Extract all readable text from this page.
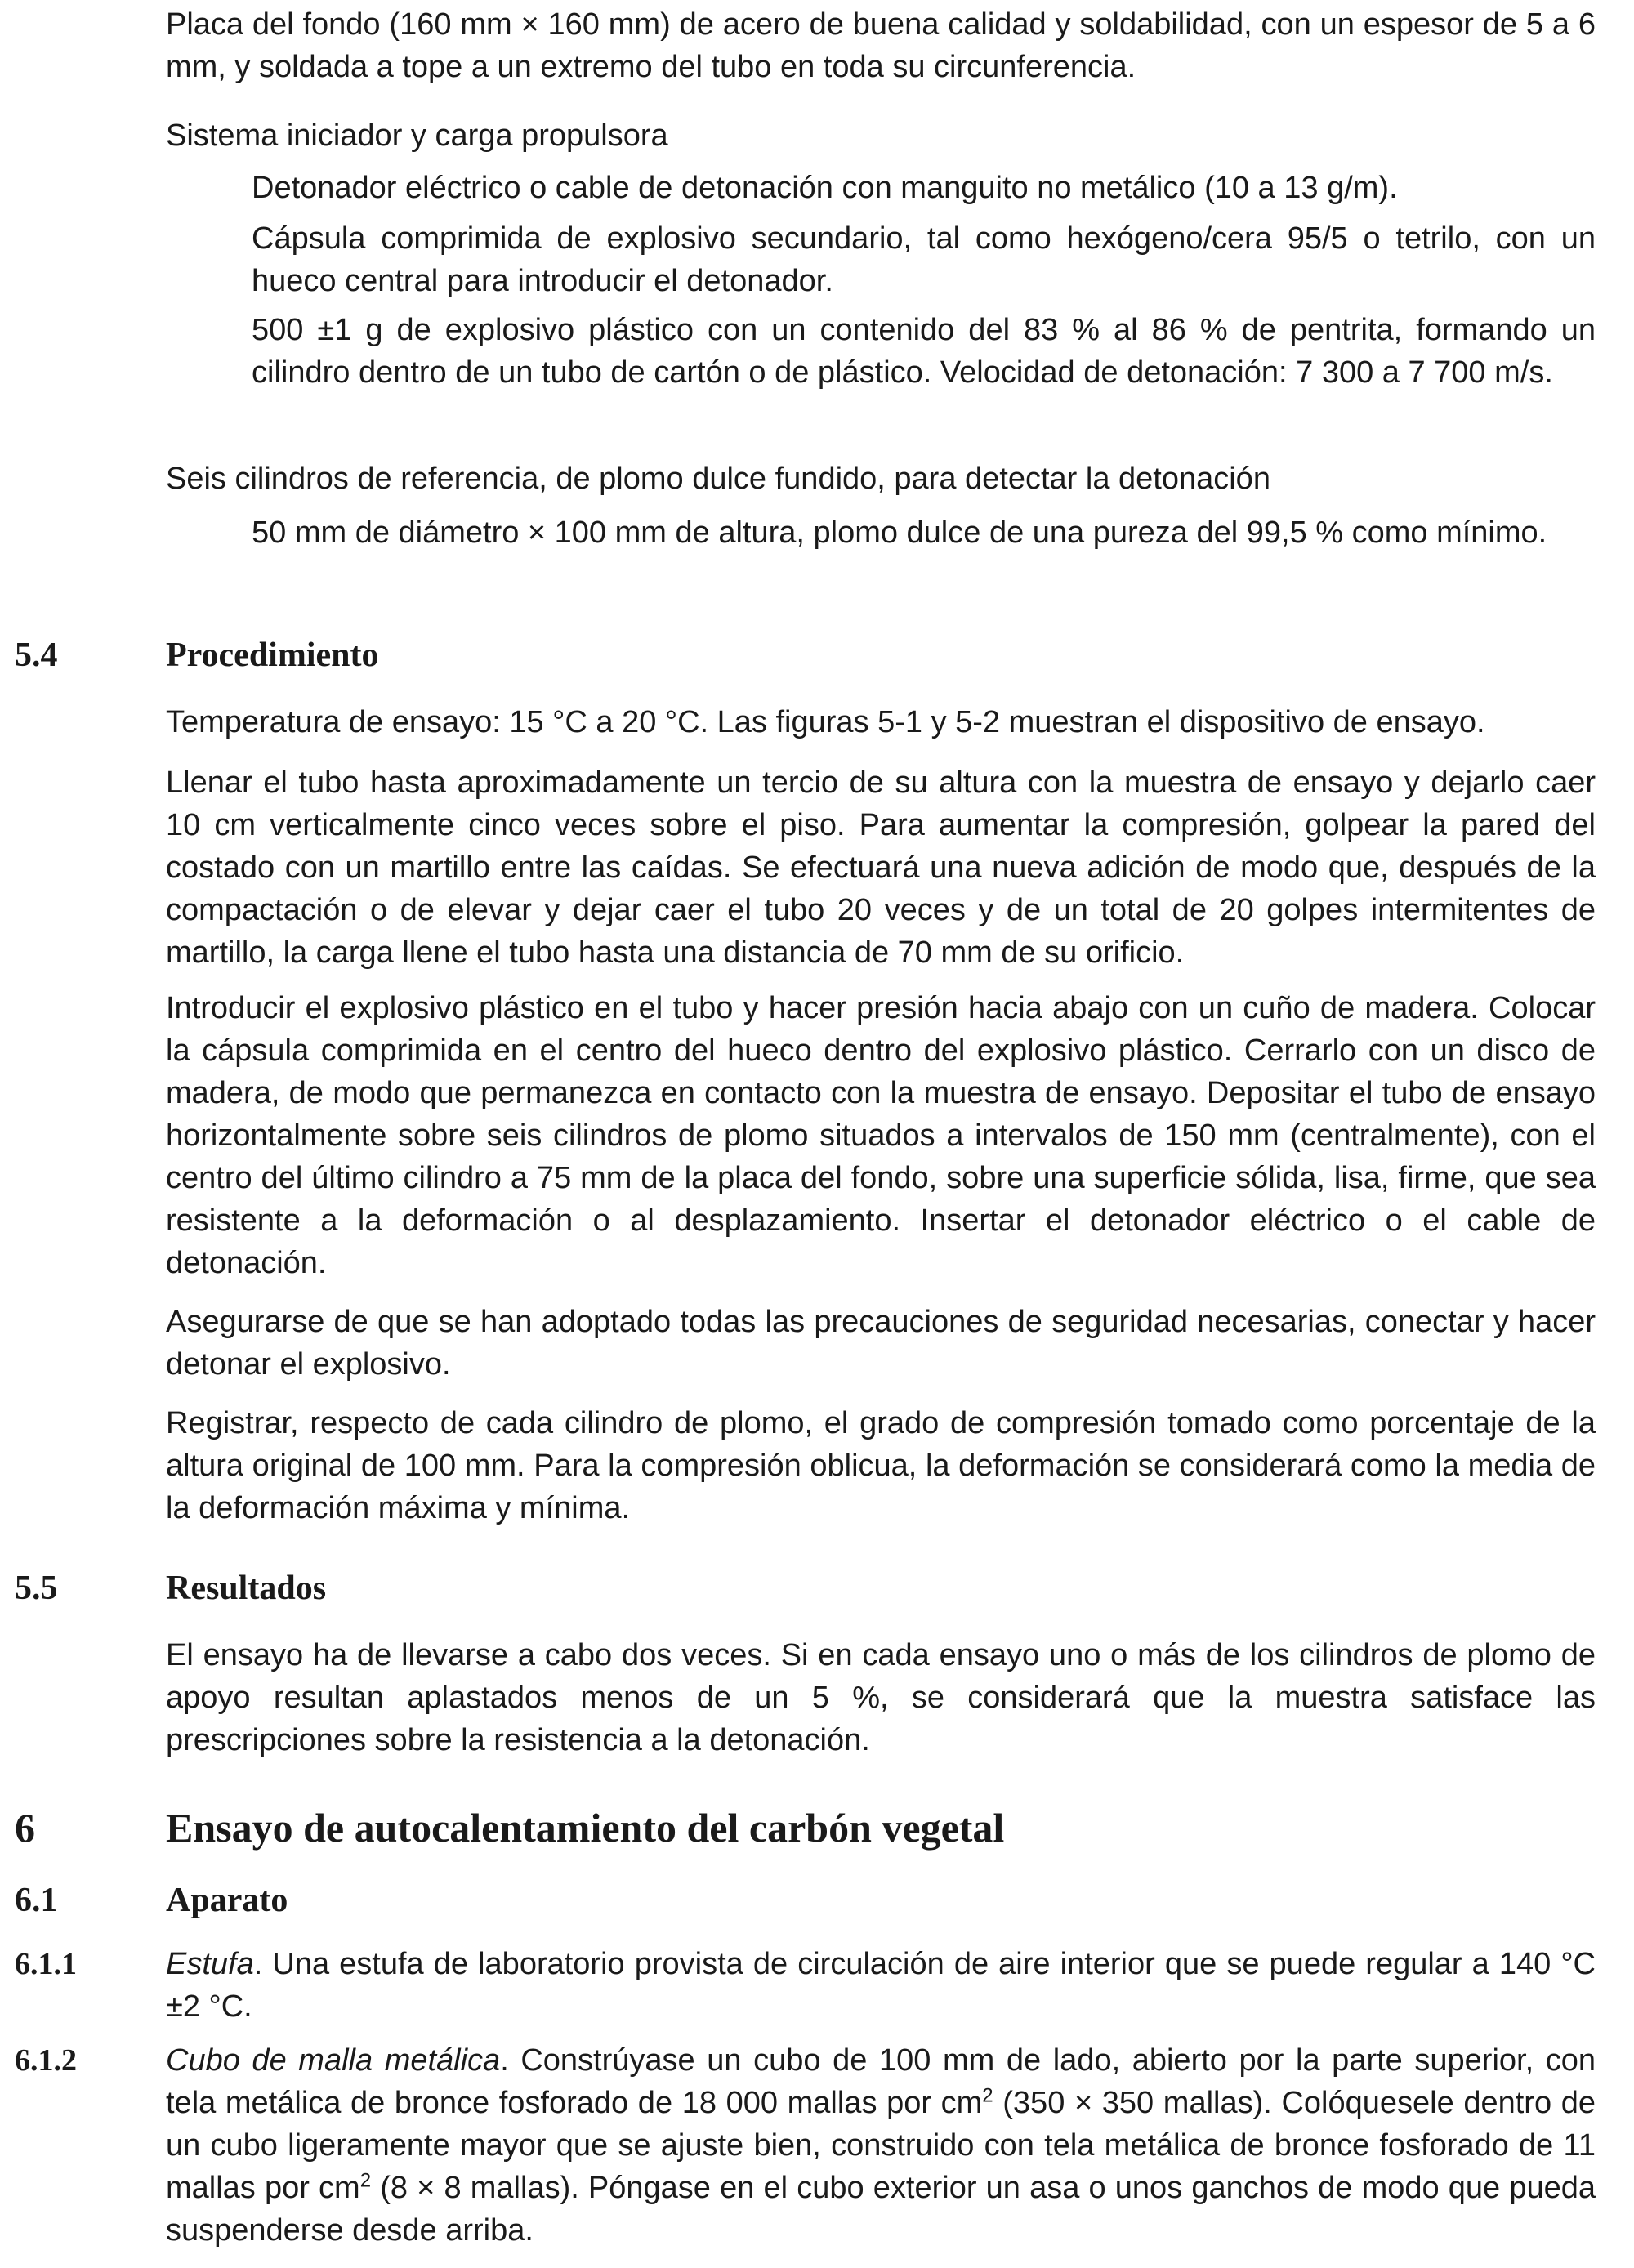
Placa del fondo (160 mm × 160 mm) de acero de buena calidad y soldabilidad, con un espesor de 5 a 6 mm, y soldada a tope a un extremo del tubo en toda su circunferencia.

Sistema iniciador y carga propulsora

Detonador eléctrico o cable de detonación con manguito no metálico (10 a 13 g/m).

Cápsula comprimida de explosivo secundario, tal como hexógeno/cera 95/5 o tetrilo, con un hueco central para introducir el detonador.

500 ±1 g de explosivo plástico con un contenido del 83 % al 86 % de pentrita, formando un cilindro dentro de un tubo de cartón o de plástico. Velocidad de detonación: 7 300 a 7 700 m/s.

Seis cilindros de referencia, de plomo dulce fundido, para detectar la detonación

50 mm de diámetro × 100 mm de altura, plomo dulce de una pureza del 99,5 % como mínimo.

5.4	Procedimiento

Temperatura de ensayo: 15 °C a 20 °C. Las figuras 5-1 y 5-2 muestran el dispositivo de ensayo.

Llenar el tubo hasta aproximadamente un tercio de su altura con la muestra de ensayo y dejarlo caer 10 cm verticalmente cinco veces sobre el piso. Para aumentar la compresión, golpear la pared del costado con un martillo entre las caídas. Se efectuará una nueva adición de modo que, después de la compactación o de elevar y dejar caer el tubo 20 veces y de un total de 20 golpes intermitentes de martillo, la carga llene el tubo hasta una distancia de 70 mm de su orificio.

Introducir el explosivo plástico en el tubo y hacer presión hacia abajo con un cuño de madera. Colocar la cápsula comprimida en el centro del hueco dentro del explosivo plástico. Cerrarlo con un disco de madera, de modo que permanezca en contacto con la muestra de ensayo. Depositar el tubo de ensayo horizontalmente sobre seis cilindros de plomo situados a intervalos de 150 mm (centralmente), con el centro del último cilindro a 75 mm de la placa del fondo, sobre una superficie sólida, lisa, firme, que sea resistente a la deformación o al desplazamiento. Insertar el detonador eléctrico o el cable de detonación.

Asegurarse de que se han adoptado todas las precauciones de seguridad necesarias, conectar y hacer detonar el explosivo.

Registrar, respecto de cada cilindro de plomo, el grado de compresión tomado como porcentaje de la altura original de 100 mm. Para la compresión oblicua, la deformación se considerará como la media de la deformación máxima y mínima.

5.5	Resultados

El ensayo ha de llevarse a cabo dos veces. Si en cada ensayo uno o más de los cilindros de plomo de apoyo resultan aplastados menos de un 5 %, se considerará que la muestra satisface las prescripciones sobre la resistencia a la detonación.

6	Ensayo de autocalentamiento del carbón vegetal
6.1	Aparato
6.1.1	Estufa. Una estufa de laboratorio provista de circulación de aire interior que se puede regular a 140 °C ±2 °C.

6.1.2	Cubo de malla metálica. Constrúyase un cubo de 100 mm de lado, abierto por la parte superior, con tela metálica de bronce fosforado de 18 000 mallas por $cm^2$ (350 × 350 mallas). Colóquesele dentro de un cubo ligeramente mayor que se ajuste bien, construido con tela metálica de bronce fosforado de 11 mallas por $cm^2$ (8 × 8 mallas). Póngase en el cubo exterior un asa o unos ganchos de modo que pueda suspenderse desde arriba.
